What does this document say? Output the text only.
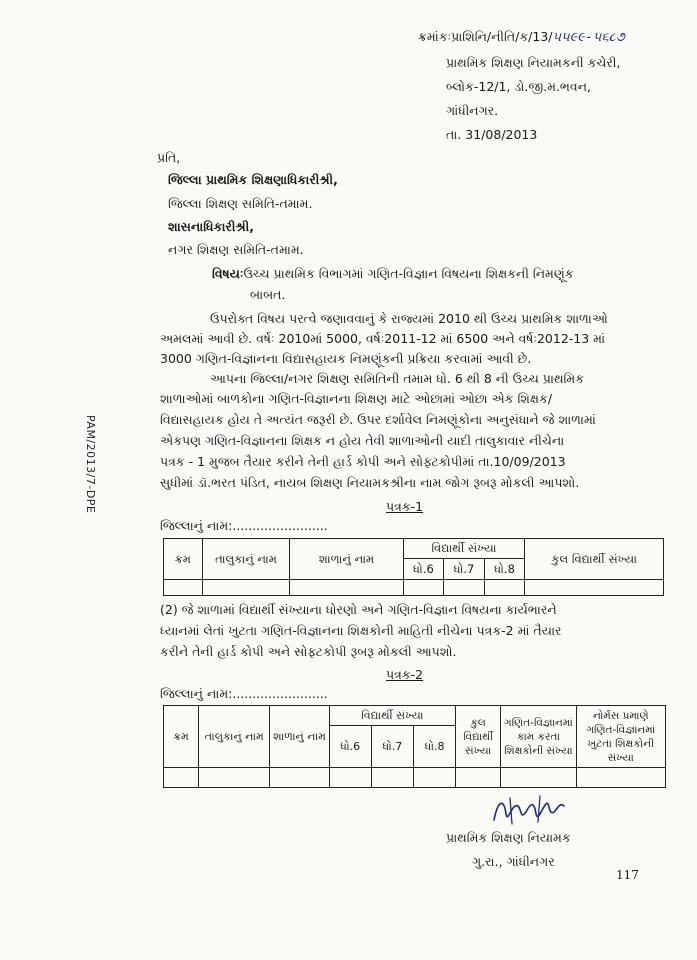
ક્રમાંકઃપ્રાશિનિ/નીતિ/ક/13/૫૫૯૯-૫૬૮૭
પ્રાથમિક શિક્ષણ નિયામકની કચેરી,
બ્લોક-12/1, ડો.જી.મ.ભવન,
ગાંધીનગર.
તા. 31/08/2013
પ્રતિ,
જિલ્લા પ્રાથમિક શિક્ષણાધિકારીશ્રી,
જિલ્લા શિક્ષણ સમિતિ-તમામ.
શાસનાધિકારીશ્રી,
નગર શિક્ષણ સમિતિ-તમામ.
વિષયઃઉચ્ચ પ્રાથમિક વિભાગમાં ગણિત-વિજ્ઞાન વિષયના શિક્ષકની નિમણૂંક
બાબત.
ઉપરોક્ત વિષય પરત્વે જણાવવાનું કે રાજ્યમાં 2010 થી ઉચ્ચ પ્રાથમિક શાળાઓ
અમલમાં આવી છે. વર્ષઃ 2010માં 5000, વર્ષઃ2011-12 માં 6500 અને વર્ષઃ2012-13 માં
3000 ગણિત-વિજ્ઞાનના વિદ્યાસહાયક નિમણૂંકની પ્રક્રિયા કરવામાં આવી છે.
આપના જિલ્લા/નગર શિક્ષણ સમિતિની તમામ ધો. 6 થી 8 ની ઉચ્ચ પ્રાથમિક
શાળાઓમાં બાળકોના ગણિત-વિજ્ઞાનના શિક્ષણ માટે ઓછામાં ઓછા એક શિક્ષક/
વિદ્યાસહાયક હોય તે અત્યંત જરૂરી છે. ઉપર દર્શાવેલ નિમણૂંકોના અનુસંધાને જે શાળામાં
એકપણ ગણિત-વિજ્ઞાનના શિક્ષક ન હોય તેવી શાળાઓની યાદી તાલુકાવાર નીચેના
પત્રક - 1 મુજબ તૈયાર કરીને તેની હાર્ડ કોપી અને સોફ્ટકોપીમાં તા.10/09/2013
સુધીમાં ડૉ.ભરત પંડિત, નાયબ શિક્ષણ નિયામકશ્રીના નામ જોગ રૂબરૂ મોકલી આપશો.
PAM/2013/7-DPE	પત્રક-1
જિલ્લાનું નામ:........................
ક્રમ	તાલુકાનું નામ	શાળાનું નામ	વિદ્યાર્થી સંખ્યા			કુલ વિદ્યાર્થી સંખ્યા
			ધો.6	ધો.7	ધો.8	

(2) જે શાળામાં વિદ્યાર્થી સંખ્યાના ધોરણો અને ગણિત-વિજ્ઞાન વિષયના કાર્યભારને
ધ્યાનમાં લેતાં ખુટતા ગણિત-વિજ્ઞાનના શિક્ષકોની માહિતી નીચેના પત્રક-2 માં તૈયાર
કરીને તેની હાર્ડ કોપી અને સોફ્ટકોપી રૂબરૂ મોકલી આપશો.
પત્રક-2
જિલ્લાનું નામ:........................
ક્રમ	તાલુકાનું નામ	શાળાનું નામ	વિદ્યાર્થી સંખ્યા			કુલ વિદ્યાર્થી સંખ્યા	ગણિત-વિજ્ઞાનમાં કામ કરતા શિક્ષકોની સંખ્યા	નોર્મસ પ્રમાણે ગણિત-વિજ્ઞાનમાં ખુટતા શિક્ષકોની સંખ્યા
			ધો.6	ધો.7	ધો.8			

પ્રાથમિક શિક્ષણ નિયામક
ગુ.રા., ગાંધીનગર
117
